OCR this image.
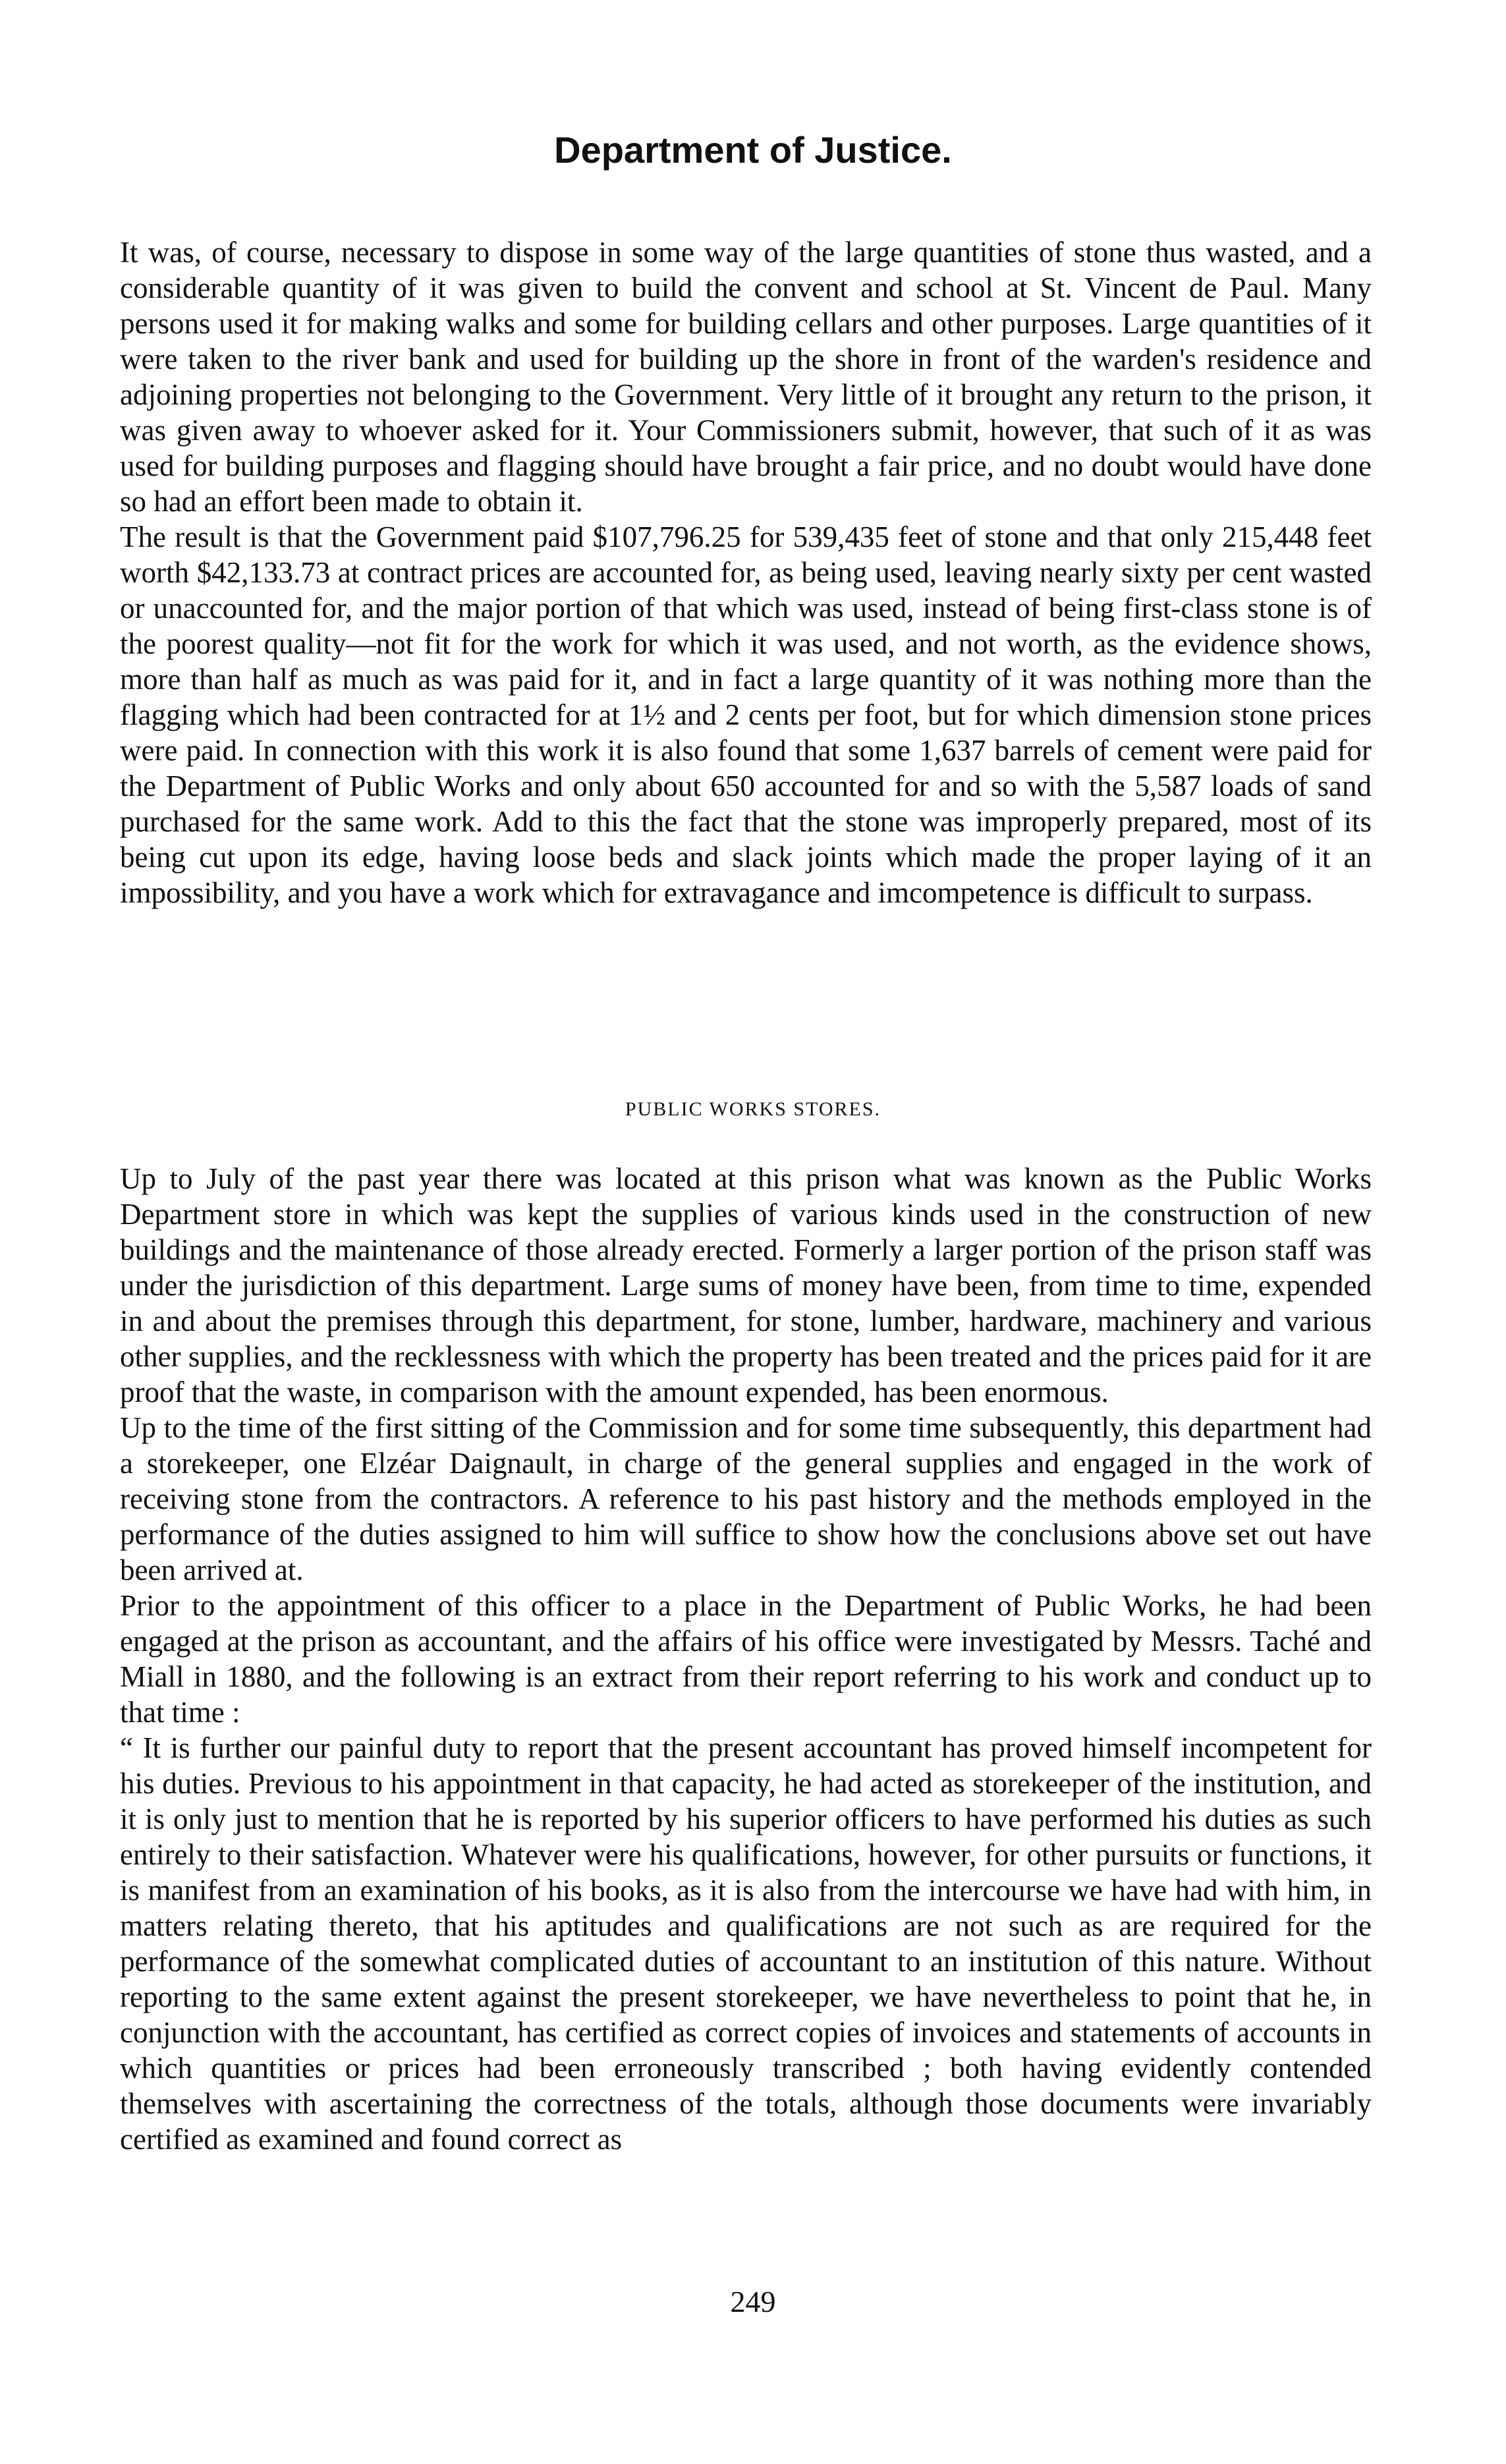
Department of Justice.

It was, of course, necessary to dispose in some way of the large quantities of stone thus wasted, and a considerable quantity of it was given to build the convent and school at St. Vincent de Paul. Many persons used it for making walks and some for building cellars and other purposes. Large quantities of it were taken to the river bank and used for building up the shore in front of the warden's residence and adjoining properties not belonging to the Government. Very little of it brought any return to the prison, it was given away to whoever asked for it. Your Commissioners submit, however, that such of it as was used for building purposes and flagging should have brought a fair price, and no doubt would have done so had an effort been made to obtain it.

The result is that the Government paid $107,796.25 for 539,435 feet of stone and that only 215,448 feet worth $42,133.73 at contract prices are accounted for, as being used, leaving nearly sixty per cent wasted or unaccounted for, and the major portion of that which was used, instead of being first-class stone is of the poorest quality—not fit for the work for which it was used, and not worth, as the evidence shows, more than half as much as was paid for it, and in fact a large quantity of it was nothing more than the flagging which had been contracted for at 1½ and 2 cents per foot, but for which dimension stone prices were paid. In connection with this work it is also found that some 1,637 barrels of cement were paid for the Department of Public Works and only about 650 accounted for and so with the 5,587 loads of sand purchased for the same work. Add to this the fact that the stone was improperly prepared, most of its being cut upon its edge, having loose beds and slack joints which made the proper laying of it an impossibility, and you have a work which for extravagance and imcompetence is difficult to surpass.

PUBLIC WORKS STORES.

Up to July of the past year there was located at this prison what was known as the Public Works Department store in which was kept the supplies of various kinds used in the construction of new buildings and the maintenance of those already erected. Formerly a larger portion of the prison staff was under the jurisdiction of this department. Large sums of money have been, from time to time, expended in and about the premises through this department, for stone, lumber, hardware, machinery and various other supplies, and the recklessness with which the property has been treated and the prices paid for it are proof that the waste, in comparison with the amount expended, has been enormous.

Up to the time of the first sitting of the Commission and for some time subsequently, this department had a storekeeper, one Elzéar Daignault, in charge of the general supplies and engaged in the work of receiving stone from the contractors. A reference to his past history and the methods employed in the performance of the duties assigned to him will suffice to show how the conclusions above set out have been arrived at.

Prior to the appointment of this officer to a place in the Department of Public Works, he had been engaged at the prison as accountant, and the affairs of his office were investigated by Messrs. Taché and Miall in 1880, and the following is an extract from their report referring to his work and conduct up to that time :

“ It is further our painful duty to report that the present accountant has proved himself incompetent for his duties. Previous to his appointment in that capacity, he had acted as storekeeper of the institution, and it is only just to mention that he is reported by his superior officers to have performed his duties as such entirely to their satisfaction. Whatever were his qualifications, however, for other pursuits or functions, it is manifest from an examination of his books, as it is also from the intercourse we have had with him, in matters relating thereto, that his aptitudes and qualifications are not such as are required for the performance of the somewhat complicated duties of accountant to an institution of this nature. Without reporting to the same extent against the present storekeeper, we have nevertheless to point that he, in conjunction with the accountant, has certified as correct copies of invoices and statements of accounts in which quantities or prices had been erroneously transcribed ; both having evidently contended themselves with ascertaining the correctness of the totals, although those documents were invariably certified as examined and found correct as

249
